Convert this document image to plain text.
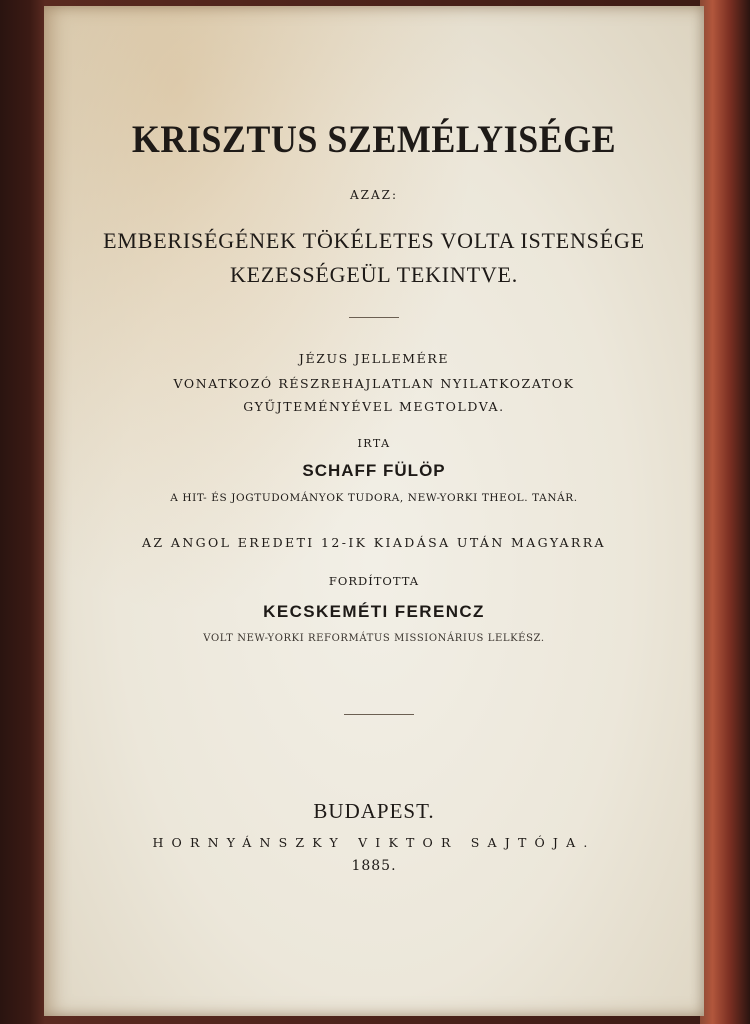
KRISZTUS SZEMÉLYISÉGE
AZAZ:
EMBERISÉGÉNEK TÖKÉLETES VOLTA ISTENSÉGE
KEZESSÉGEÜL TEKINTVE.
JÉZUS JELLEMÉRE
VONATKOZÓ RÉSZREHAJLATLAN NYILATKOZATOK
GYŰJTEMÉNYÉVEL MEGTOLDVA.
IRTA
SCHAFF FÜLÖP
A HIT- ÉS JOGTUDOMÁNYOK TUDORA, NEW-YORKI THEOL. TANÁR.
AZ ANGOL EREDETI 12-IK KIADÁSA UTÁN MAGYARRA
FORDÍTOTTA
KECSKEMÉTI FERENCZ
VOLT NEW-YORKI REFORMÁTUS MISSIONÁRIUS LELKÉSZ.
BUDAPEST.
HORNYÁNSZKY VIKTOR SAJTÓJA.
1885.
